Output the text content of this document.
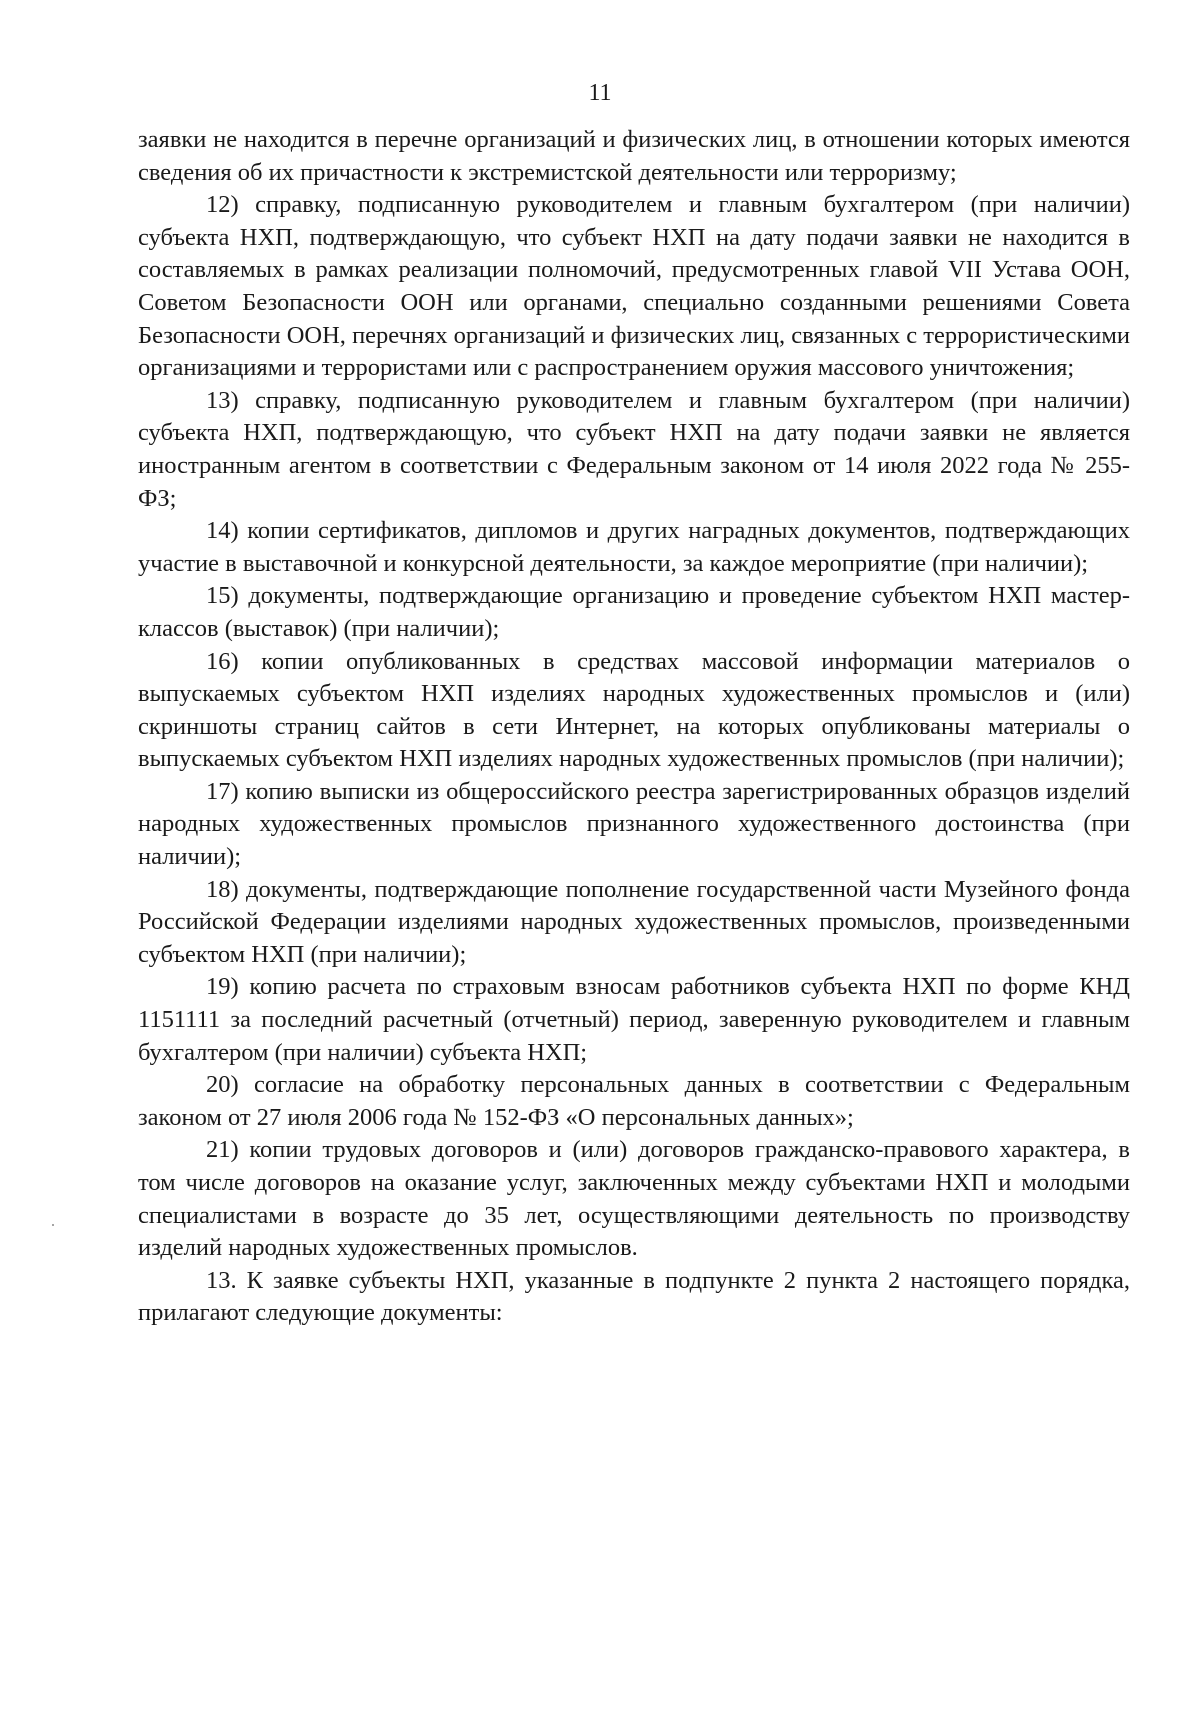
11

заявки не находится в перечне организаций и физических лиц, в отношении которых имеются сведения об их причастности к экстремистской деятельности или терроризму;

12) справку, подписанную руководителем и главным бухгалтером (при наличии) субъекта НХП, подтверждающую, что субъект НХП на дату подачи заявки не находится в составляемых в рамках реализации полномочий, предусмотренных главой VII Устава ООН, Советом Безопасности ООН или органами, специально созданными решениями Совета Безопасности ООН, перечнях организаций и физических лиц, связанных с террористическими организациями и террористами или с распространением оружия массового уничтожения;

13) справку, подписанную руководителем и главным бухгалтером (при наличии) субъекта НХП, подтверждающую, что субъект НХП на дату подачи заявки не является иностранным агентом в соответствии с Федеральным законом от 14 июля 2022 года № 255-ФЗ;

14) копии сертификатов, дипломов и других наградных документов, подтверждающих участие в выставочной и конкурсной деятельности, за каждое мероприятие (при наличии);

15) документы, подтверждающие организацию и проведение субъектом НХП мастер-классов (выставок) (при наличии);

16) копии опубликованных в средствах массовой информации материалов о выпускаемых субъектом НХП изделиях народных художественных промыслов и (или) скриншоты страниц сайтов в сети Интернет, на которых опубликованы материалы о выпускаемых субъектом НХП изделиях народных художественных промыслов (при наличии);

17) копию выписки из общероссийского реестра зарегистрированных образцов изделий народных художественных промыслов признанного художественного достоинства (при наличии);

18) документы, подтверждающие пополнение государственной части Музейного фонда Российской Федерации изделиями народных художественных промыслов, произведенными субъектом НХП (при наличии);

19) копию расчета по страховым взносам работников субъекта НХП по форме КНД 1151111 за последний расчетный (отчетный) период, заверенную руководителем и главным бухгалтером (при наличии) субъекта НХП;

20) согласие на обработку персональных данных в соответствии с Федеральным законом от 27 июля 2006 года № 152-ФЗ «О персональных данных»;

21) копии трудовых договоров и (или) договоров гражданско-правового характера, в том числе договоров на оказание услуг, заключенных между субъектами НХП и молодыми специалистами в возрасте до 35 лет, осуществляющими деятельность по производству изделий народных художественных промыслов.

13. К заявке субъекты НХП, указанные в подпункте 2 пункта 2 настоящего порядка, прилагают следующие документы:
